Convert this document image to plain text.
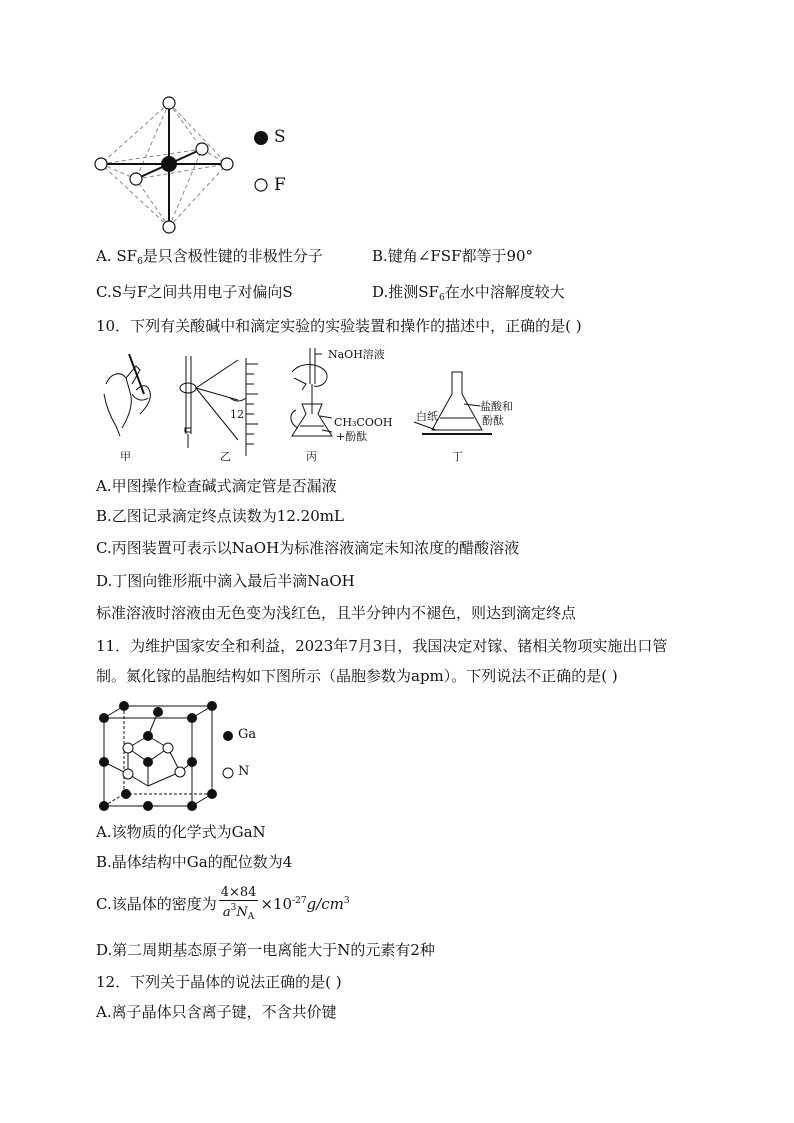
S
F
A. $SF_6$是只含极性键的非极性分子	B.键角∠FSF都等于90°
C.S与F之间共用电子对偏向S	D.推测$SF_6$在水中溶解度较大
10．下列有关酸碱中和滴定实验的实验装置和操作的描述中，正确的是( )
甲	乙	丙	丁
12
NaOH溶液
CH₃COOH
+酚酞
白纸
盐酸和
酚酞
A.甲图操作检查碱式滴定管是否漏液
B.乙图记录滴定终点读数为12.20mL
C.丙图装置可表示以NaOH为标准溶液滴定未知浓度的醋酸溶液
D.丁图向锥形瓶中滴入最后半滴NaOH
标准溶液时溶液由无色变为浅红色，且半分钟内不褪色，则达到滴定终点
11．为维护国家安全和利益，2023年7月3日，我国决定对镓、锗相关物项实施出口管
制。氮化镓的晶胞结构如下图所示（晶胞参数为apm）。下列说法不正确的是( )
Ga
N
A.该物质的化学式为GaN
B.晶体结构中Ga的配位数为4
C.该晶体的密度为 $\frac{4\times 84}{a^3N_A} \times 10^{-27}g/cm^3$
D.第二周期基态原子第一电离能大于N的元素有2种
12．下列关于晶体的说法正确的是( )
A.离子晶体只含离子键，不含共价键
